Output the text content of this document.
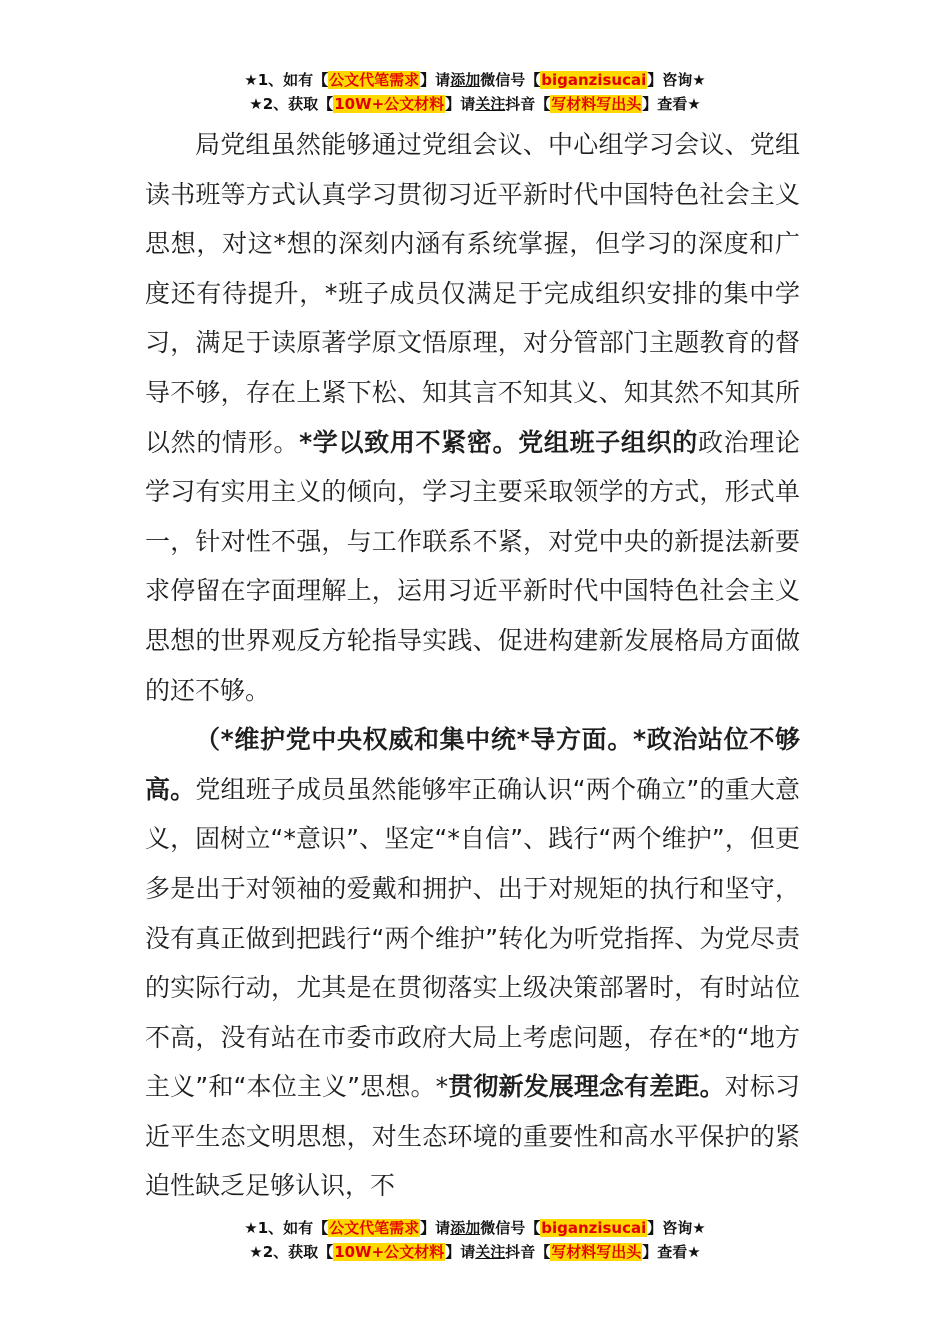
★1、如有【公文代笔需求】请添加微信号【biganzisucai】咨询★
★2、获取【10W+公文材料】请关注抖音【写材料写出头】查看★

局党组虽然能够通过党组会议、中心组学习会议、党组读书班等方式认真学习贯彻习近平新时代中国特色社会主义思想，对这*想的深刻内涵有系统掌握，但学习的深度和广度还有待提升，*班子成员仅满足于完成组织安排的集中学习，满足于读原著学原文悟原理，对分管部门主题教育的督导不够，存在上紧下松、知其言不知其义、知其然不知其所以然的情形。*学以致用不紧密。党组班子组织的政治理论学习有实用主义的倾向，学习主要采取领学的方式，形式单一，针对性不强，与工作联系不紧，对党中央的新提法新要求停留在字面理解上，运用习近平新时代中国特色社会主义思想的世界观反方轮指导实践、促进构建新发展格局方面做的还不够。

（*维护党中央权威和集中统*导方面。*政治站位不够高。党组班子成员虽然能够牢正确认识“两个确立”的重大意义，固树立“*意识”、坚定“*自信”、践行“两个维护”，但更多是出于对领袖的爱戴和拥护、出于对规矩的执行和坚守，没有真正做到把践行“两个维护”转化为听党指挥、为党尽责的实际行动，尤其是在贯彻落实上级决策部署时，有时站位不高，没有站在市委市政府大局上考虑问题，存在*的“地方主义”和“本位主义”思想。*贯彻新发展理念有差距。对标习近平生态文明思想，对生态环境的重要性和高水平保护的紧迫性缺乏足够认识，不

★1、如有【公文代笔需求】请添加微信号【biganzisucai】咨询★
★2、获取【10W+公文材料】请关注抖音【写材料写出头】查看★
